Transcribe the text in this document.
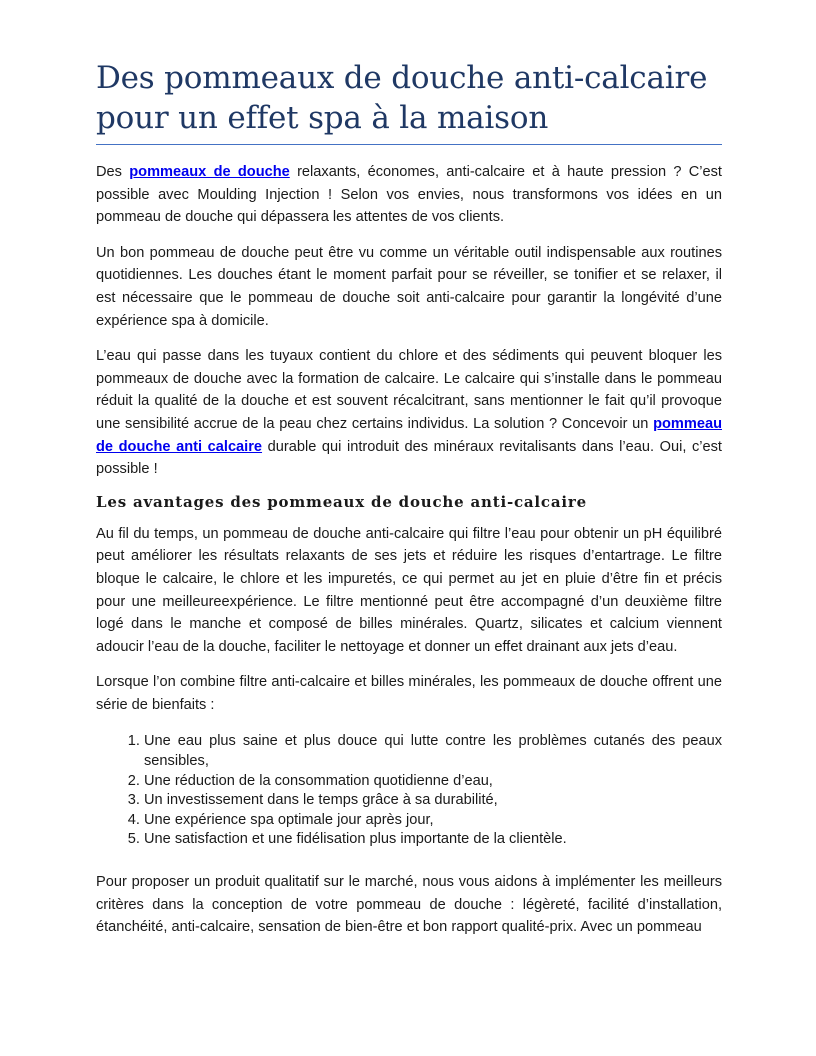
Des pommeaux de douche anti-calcaire pour un effet spa à la maison

Des pommeaux de douche relaxants, économes, anti-calcaire et à haute pression ? C’est possible avec Moulding Injection ! Selon vos envies, nous transformons vos idées en un pommeau de douche qui dépassera les attentes de vos clients.

Un bon pommeau de douche peut être vu comme un véritable outil indispensable aux routines quotidiennes. Les douches étant le moment parfait pour se réveiller, se tonifier et se relaxer, il est nécessaire que le pommeau de douche soit anti-calcaire pour garantir la longévité d’une expérience spa à domicile.

L’eau qui passe dans les tuyaux contient du chlore et des sédiments qui peuvent bloquer les pommeaux de douche avec la formation de calcaire. Le calcaire qui s’installe dans le pommeau réduit la qualité de la douche et est souvent récalcitrant, sans mentionner le fait qu’il provoque une sensibilité accrue de la peau chez certains individus. La solution ? Concevoir un pommeau de douche anti calcaire durable qui introduit des minéraux revitalisants dans l’eau. Oui, c’est possible !

Les avantages des pommeaux de douche anti-calcaire

Au fil du temps, un pommeau de douche anti-calcaire qui filtre l’eau pour obtenir un pH équilibré peut améliorer les résultats relaxants de ses jets et réduire les risques d’entartrage. Le filtre bloque le calcaire, le chlore et les impuretés, ce qui permet au jet en pluie d’être fin et précis pour une meilleureexpérience. Le filtre mentionné peut être accompagné d’un deuxième filtre logé dans le manche et composé de billes minérales. Quartz, silicates et calcium viennent adoucir l’eau de la douche, faciliter le nettoyage et donner un effet drainant aux jets d’eau.

Lorsque l’on combine filtre anti-calcaire et billes minérales, les pommeaux de douche offrent une série de bienfaits :

1. Une eau plus saine et plus douce qui lutte contre les problèmes cutanés des peaux sensibles,
2. Une réduction de la consommation quotidienne d’eau,
3. Un investissement dans le temps grâce à sa durabilité,
4. Une expérience spa optimale jour après jour,
5. Une satisfaction et une fidélisation plus importante de la clientèle.

Pour proposer un produit qualitatif sur le marché, nous vous aidons à implémenter les meilleurs critères dans la conception de votre pommeau de douche : légèreté, facilité d’installation, étanchéité, anti-calcaire, sensation de bien-être et bon rapport qualité-prix. Avec un pommeau
